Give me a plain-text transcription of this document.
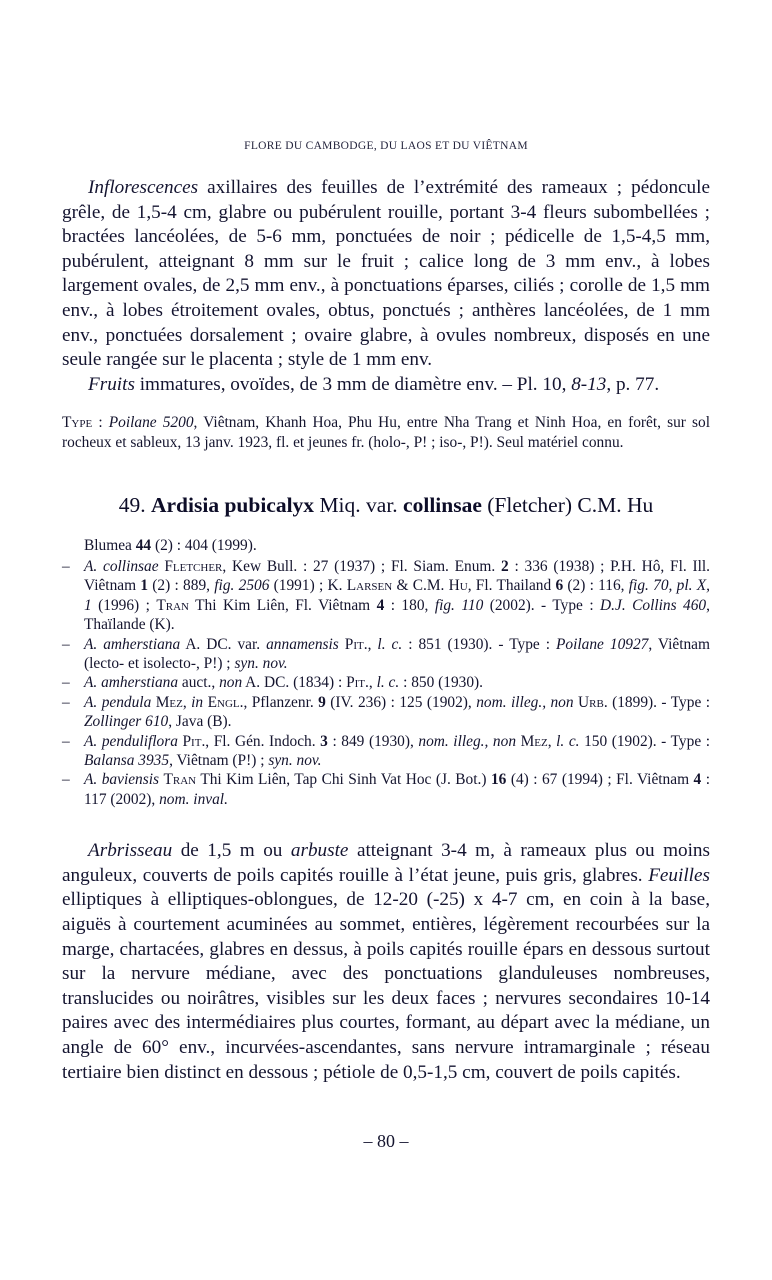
FLORE DU CAMBODGE, DU LAOS ET DU VIÊTNAM

Inflorescences axillaires des feuilles de l’extrémité des rameaux ; pédoncule grêle, de 1,5-4 cm, glabre ou pubérulent rouille, portant 3-4 fleurs subombellées ; bractées lancéolées, de 5-6 mm, ponctuées de noir ; pédicelle de 1,5-4,5 mm, pubérulent, atteignant 8 mm sur le fruit ; calice long de 3 mm env., à lobes largement ovales, de 2,5 mm env., à ponctuations éparses, ciliés ; corolle de 1,5 mm env., à lobes étroitement ovales, obtus, ponctués ; anthères lancéolées, de 1 mm env., ponctuées dorsalement ; ovaire glabre, à ovules nombreux, disposés en une seule rangée sur le placenta ; style de 1 mm env.

Fruits immatures, ovoïdes, de 3 mm de diamètre env. – Pl. 10, 8-13, p. 77.

Type : Poilane 5200, Viêtnam, Khanh Hoa, Phu Hu, entre Nha Trang et Ninh Hoa, en forêt, sur sol rocheux et sableux, 13 janv. 1923, fl. et jeunes fr. (holo-, P! ; iso-, P!). Seul matériel connu.

49. Ardisia pubicalyx Miq. var. collinsae (Fletcher) C.M. Hu
Blumea 44 (2) : 404 (1999).
– A. collinsae Fletcher, Kew Bull. : 27 (1937) ; Fl. Siam. Enum. 2 : 336 (1938) ; P.H. Hô, Fl. Ill. Viêtnam 1 (2) : 889, fig. 2506 (1991) ; K. Larsen & C.M. Hu, Fl. Thailand 6 (2) : 116, fig. 70, pl. X, 1 (1996) ; Tran Thi Kim Liên, Fl. Viêtnam 4 : 180, fig. 110 (2002). - Type : D.J. Collins 460, Thaïlande (K).
– A. amherstiana A. DC. var. annamensis Pit., l. c. : 851 (1930). - Type : Poilane 10927, Viêtnam (lecto- et isolecto-, P!) ; syn. nov.
– A. amherstiana auct., non A. DC. (1834) : Pit., l. c. : 850 (1930).
– A. pendula Mez, in Engl., Pflanzenr. 9 (IV. 236) : 125 (1902), nom. illeg., non Urb. (1899). - Type : Zollinger 610, Java (B).
– A. penduliflora Pit., Fl. Gén. Indoch. 3 : 849 (1930), nom. illeg., non Mez, l. c. 150 (1902). - Type : Balansa 3935, Viêtnam (P!) ; syn. nov.
– A. baviensis Tran Thi Kim Liên, Tap Chi Sinh Vat Hoc (J. Bot.) 16 (4) : 67 (1994) ; Fl. Viêtnam 4 : 117 (2002), nom. inval.

Arbrisseau de 1,5 m ou arbuste atteignant 3-4 m, à rameaux plus ou moins anguleux, couverts de poils capités rouille à l’état jeune, puis gris, glabres. Feuilles elliptiques à elliptiques-oblongues, de 12-20 (-25) x 4-7 cm, en coin à la base, aiguës à courtement acuminées au sommet, entières, légèrement recourbées sur la marge, chartacées, glabres en dessus, à poils capités rouille épars en dessous surtout sur la nervure médiane, avec des ponctuations glanduleuses nombreuses, translucides ou noirâtres, visibles sur les deux faces ; nervures secondaires 10-14 paires avec des intermédiaires plus courtes, formant, au départ avec la médiane, un angle de 60° env., incurvées-ascendantes, sans nervure intramarginale ; réseau tertiaire bien distinct en dessous ; pétiole de 0,5-1,5 cm, couvert de poils capités.

– 80 –
